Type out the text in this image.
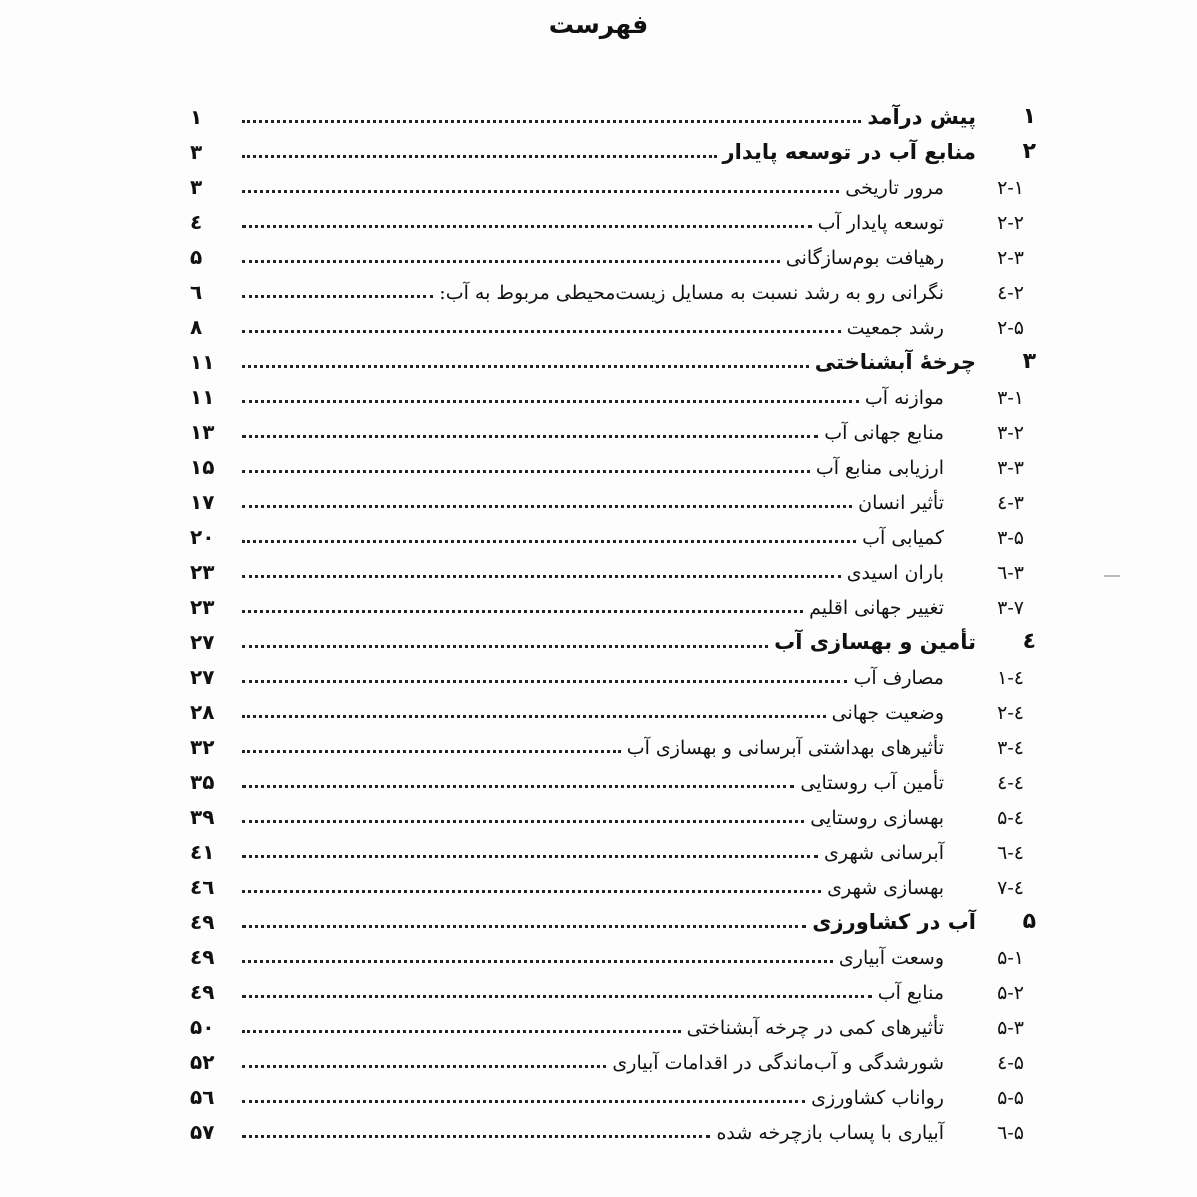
فهرست
۱
پیش درآمد
۱
۲
منابع آب در توسعه پایدار
۳
۲-۱
مرور تاریخی
۳
۲-۲
توسعه پایدار آب
٤
۲-۳
رهیافت بوم‌سازگانی
۵
۲-٤
نگرانی رو به رشد نسبت به مسایل زیست‌محیطی مربوط به آب:
٦
۲-۵
رشد جمعیت
۸
۳
چرخهٔ آبشناختی
۱۱
۳-۱
موازنه آب
۱۱
۳-۲
منابع جهانی آب
۱۳
۳-۳
ارزیابی منابع آب
۱۵
۳-٤
تأثیر انسان
۱۷
۳-۵
کمیابی آب
۲۰
۳-٦
باران اسیدی
۲۳
۳-۷
تغییر جهانی اقلیم
۲۳
٤
تأمین و بهسازی آب
۲۷
٤-۱
مصارف آب
۲۷
٤-۲
وضعیت جهانی
۲۸
٤-۳
تأثیرهای بهداشتی آبرسانی و بهسازی آب
۳۲
٤-٤
تأمین آب روستایی
۳۵
٤-۵
بهسازی روستایی
۳۹
٤-٦
آبرسانی شهری
٤۱
٤-۷
بهسازی شهری
٤٦
۵
آب در کشاورزی
٤۹
۵-۱
وسعت آبیاری
٤۹
۵-۲
منابع آب
٤۹
۵-۳
تأثیرهای کمی در چرخه آبشناختی
۵۰
۵-٤
شورشدگی و آب‌ماندگی در اقدامات آبیاری
۵۲
۵-۵
رواناب کشاورزی
۵٦
۵-٦
آبیاری با پساب بازچرخه شده
۵۷
